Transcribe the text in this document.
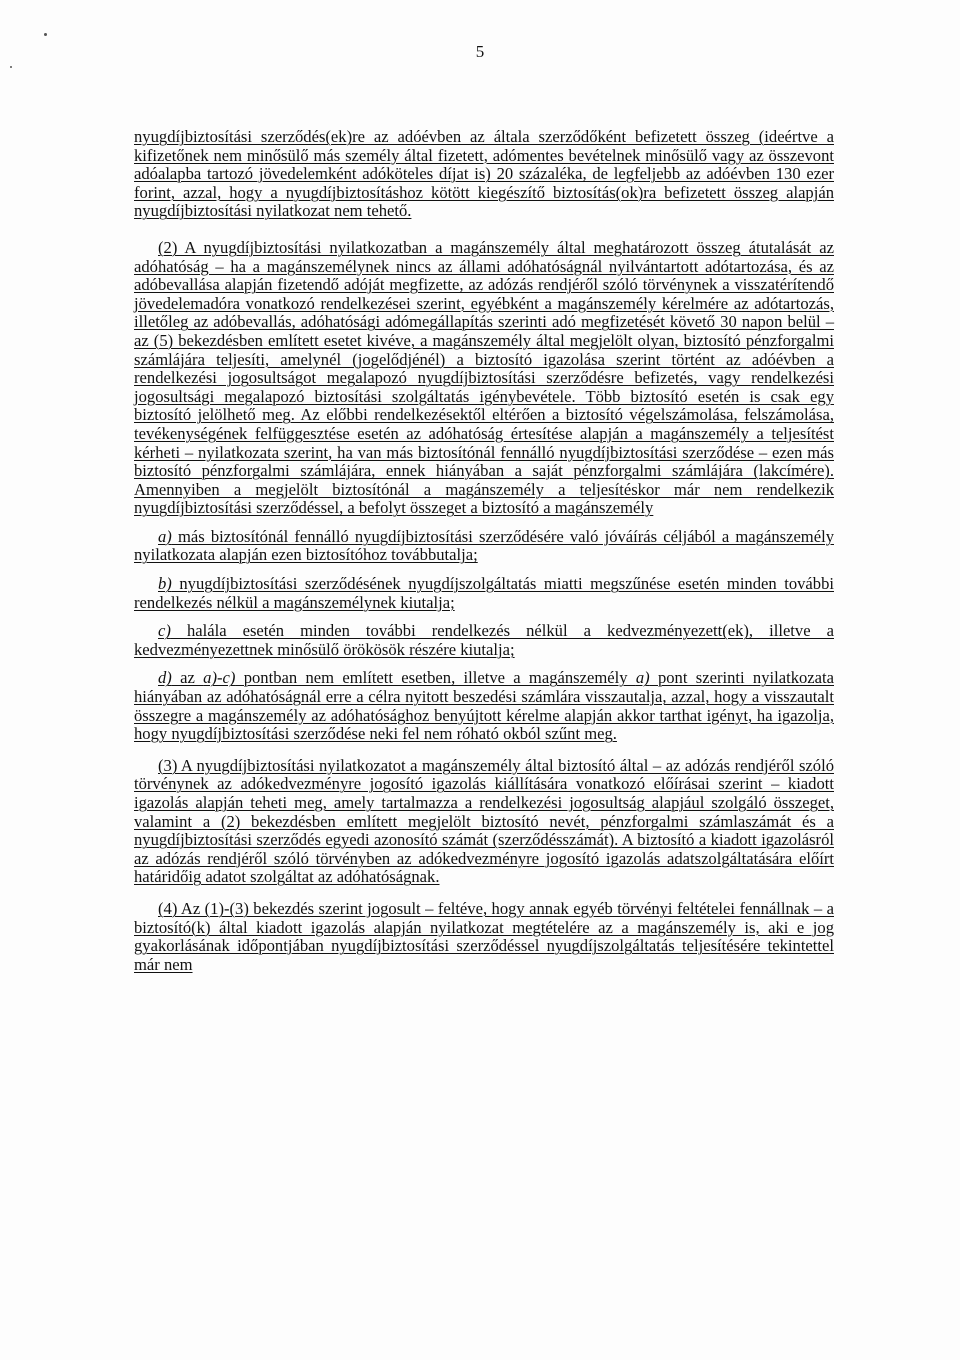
5

nyugdíjbiztosítási szerződés(ek)re az adóévben az általa szerződőként befizetett összeg (ideértve a kifizetőnek nem minősülő más személy által fizetett, adómentes bevételnek minősülő vagy az összevont adóalapba tartozó jövedelemként adóköteles díjat is) 20 százaléka, de legfeljebb az adóévben 130 ezer forint, azzal, hogy a nyugdíjbiztosításhoz kötött kiegészítő biztosítás(ok)ra befizetett összeg alapján nyugdíjbiztosítási nyilatkozat nem tehető.

(2) A nyugdíjbiztosítási nyilatkozatban a magánszemély által meghatározott összeg átutalását az adóhatóság – ha a magánszemélynek nincs az állami adóhatóságnál nyilvántartott adótartozása, és az adóbevallása alapján fizetendő adóját megfizette, az adózás rendjéről szóló törvénynek a visszatérítendő jövedelemadóra vonatkozó rendelkezései szerint, egyébként a magánszemély kérelmére az adótartozás, illetőleg az adóbevallás, adóhatósági adómegállapítás szerinti adó megfizetését követő 30 napon belül – az (5) bekezdésben említett esetet kivéve, a magánszemély által megjelölt olyan, biztosító pénzforgalmi számlájára teljesíti, amelynél (jogelődjénél) a biztosító igazolása szerint történt az adóévben a rendelkezési jogosultságot megalapozó nyugdíjbiztosítási szerződésre befizetés, vagy rendelkezési jogosultsági megalapozó biztosítási szolgáltatás igénybevétele. Több biztosító esetén is csak egy biztosító jelölhető meg. Az előbbi rendelkezésektől eltérően a biztosító végelszámolása, felszámolása, tevékenységének felfüggesztése esetén az adóhatóság értesítése alapján a magánszemély a teljesítést kérheti – nyilatkozata szerint, ha van más biztosítónál fennálló nyugdíjbiztosítási szerződése – ezen más biztosító pénzforgalmi számlájára, ennek hiányában a saját pénzforgalmi számlájára (lakcímére). Amennyiben a megjelölt biztosítónál a magánszemély a teljesítéskor már nem rendelkezik nyugdíjbiztosítási szerződéssel, a befolyt összeget a biztosító a magánszemély

a) más biztosítónál fennálló nyugdíjbiztosítási szerződésére való jóváírás céljából a magánszemély nyilatkozata alapján ezen biztosítóhoz továbbutalja;

b) nyugdíjbiztosítási szerződésének nyugdíjszolgáltatás miatti megszűnése esetén minden további rendelkezés nélkül a magánszemélynek kiutalja;

c) halála esetén minden további rendelkezés nélkül a kedvezményezett(ek), illetve a kedvezményezettnek minősülő örökösök részére kiutalja;

d) az a)-c) pontban nem említett esetben, illetve a magánszemély a) pont szerinti nyilatkozata hiányában az adóhatóságnál erre a célra nyitott beszedési számlára visszautalja, azzal, hogy a visszautalt összegre a magánszemély az adóhatósághoz benyújtott kérelme alapján akkor tarthat igényt, ha igazolja, hogy nyugdíjbiztosítási szerződése neki fel nem róható okból szűnt meg.

(3) A nyugdíjbiztosítási nyilatkozatot a magánszemély által biztosító által – az adózás rendjéről szóló törvénynek az adókedvezményre jogosító igazolás kiállítására vonatkozó előírásai szerint – kiadott igazolás alapján teheti meg, amely tartalmazza a rendelkezési jogosultság alapjául szolgáló összeget, valamint a (2) bekezdésben említett megjelölt biztosító nevét, pénzforgalmi számlaszámát és a nyugdíjbiztosítási szerződés egyedi azonosító számát (szerződésszámát). A biztosító a kiadott igazolásról az adózás rendjéről szóló törvényben az adókedvezményre jogosító igazolás adatszolgáltatására előírt határidőig adatot szolgáltat az adóhatóságnak.

(4) Az (1)-(3) bekezdés szerint jogosult – feltéve, hogy annak egyéb törvényi feltételei fennállnak – a biztosító(k) által kiadott igazolás alapján nyilatkozat megtételére az a magánszemély is, aki e jog gyakorlásának időpontjában nyugdíjbiztosítási szerződéssel nyugdíjszolgáltatás teljesítésére tekintettel már nem
